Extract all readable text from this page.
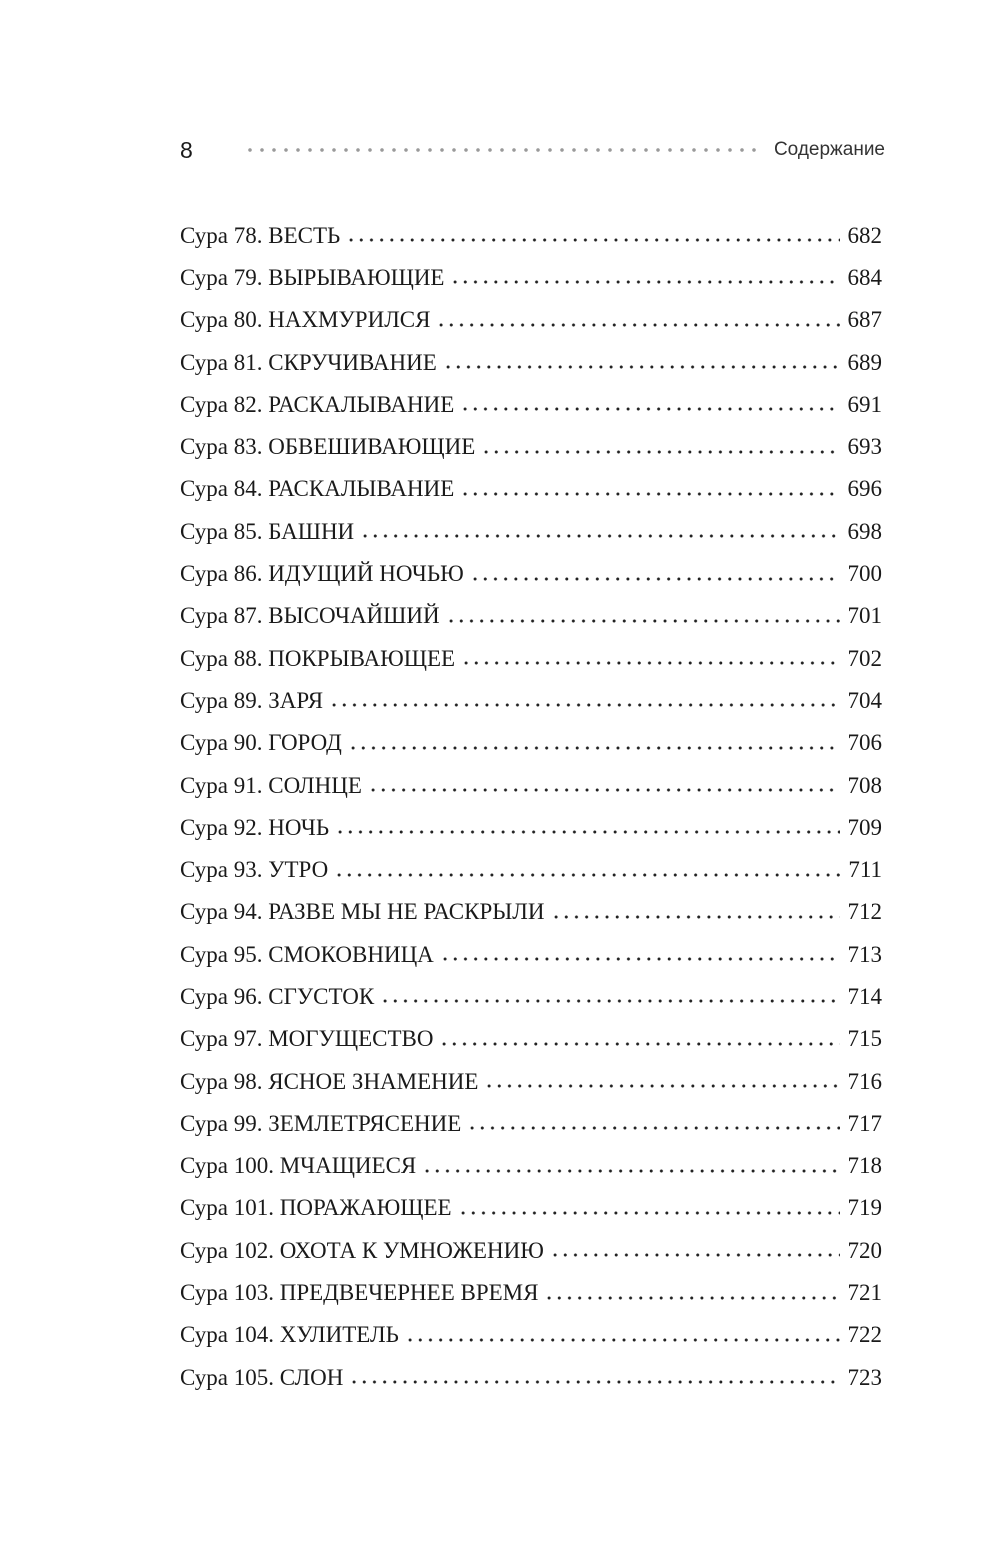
8	Содержание
Сура 78. ВЕСТЬ	682
Сура 79. ВЫРЫВАЮЩИЕ	684
Сура 80. НАХМУРИЛСЯ	687
Сура 81. СКРУЧИВАНИЕ	689
Сура 82. РАСКАЛЫВАНИЕ	691
Сура 83. ОБВЕШИВАЮЩИЕ	693
Сура 84. РАСКАЛЫВАНИЕ	696
Сура 85. БАШНИ	698
Сура 86. ИДУЩИЙ НОЧЬЮ	700
Сура 87. ВЫСОЧАЙШИЙ	701
Сура 88. ПОКРЫВАЮЩЕЕ	702
Сура 89. ЗАРЯ	704
Сура 90. ГОРОД	706
Сура 91. СОЛНЦЕ	708
Сура 92. НОЧЬ	709
Сура 93. УТРО	711
Сура 94. РАЗВЕ МЫ НЕ РАСКРЫЛИ	712
Сура 95. СМОКОВНИЦА	713
Сура 96. СГУСТОК	714
Сура 97. МОГУЩЕСТВО	715
Сура 98. ЯСНОЕ ЗНАМЕНИЕ	716
Сура 99. ЗЕМЛЕТРЯСЕНИЕ	717
Сура 100. МЧАЩИЕСЯ	718
Сура 101. ПОРАЖАЮЩЕЕ	719
Сура 102. ОХОТА К УМНОЖЕНИЮ	720
Сура 103. ПРЕДВЕЧЕРНЕЕ ВРЕМЯ	721
Сура 104. ХУЛИТЕЛЬ	722
Сура 105. СЛОН	723
